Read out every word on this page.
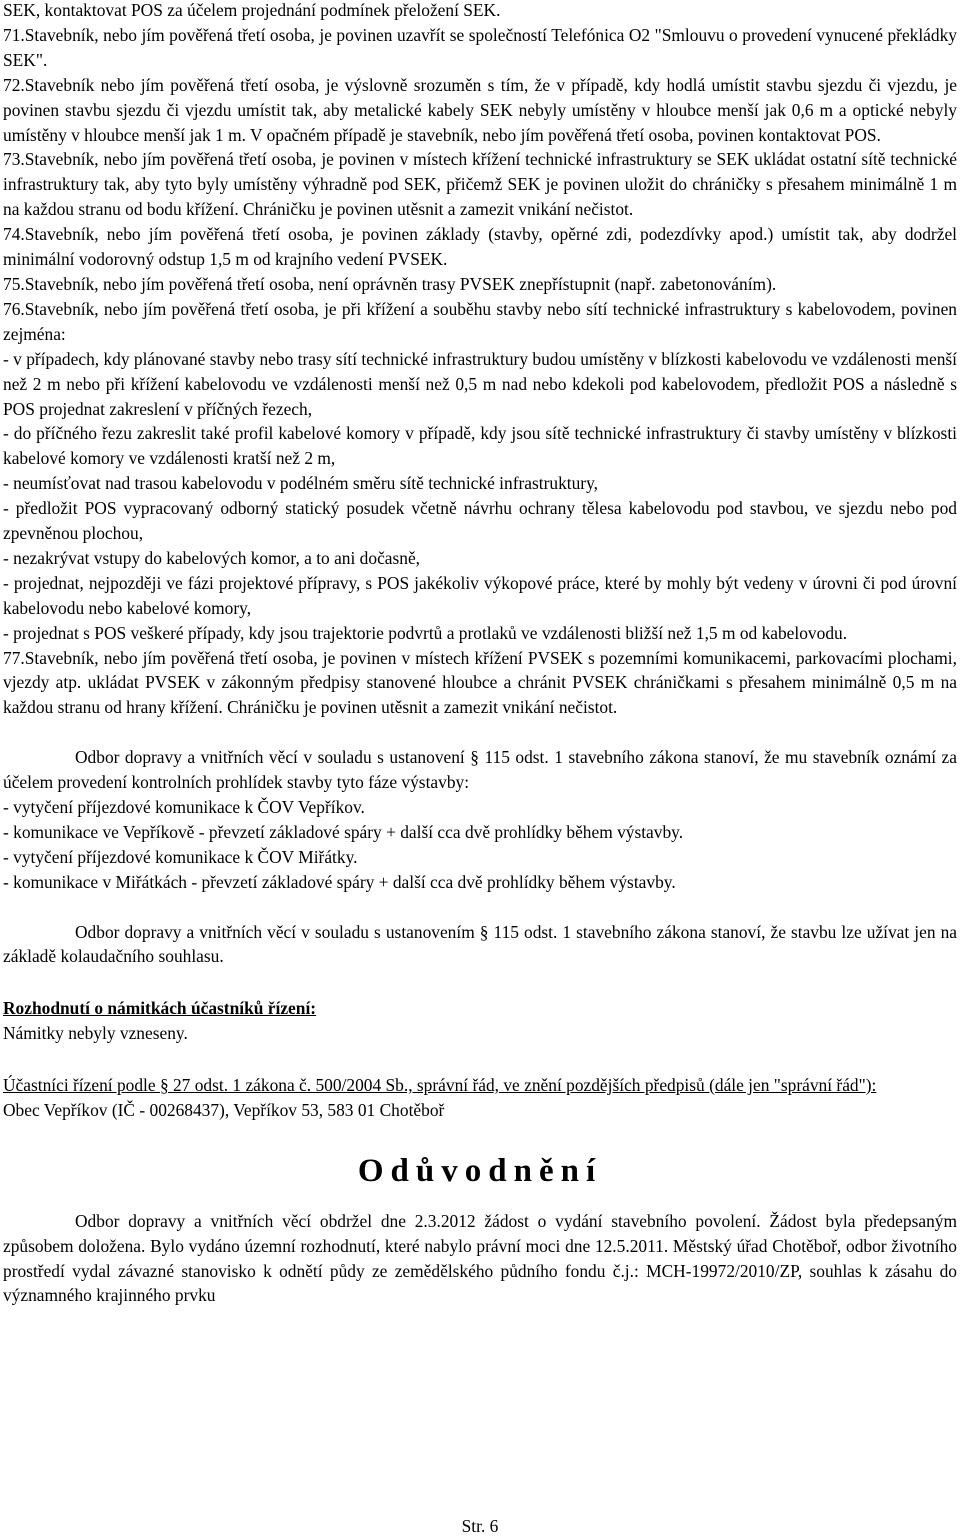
SEK, kontaktovat POS za účelem projednání podmínek přeložení SEK.

71.Stavebník, nebo jím pověřená třetí osoba, je povinen uzavřít se společností Telefónica O2 "Smlouvu o provedení vynucené překládky SEK".

72.Stavebník nebo jím pověřená třetí osoba, je výslovně srozuměn s tím, že v případě, kdy hodlá umístit stavbu sjezdu či vjezdu, je povinen stavbu sjezdu či vjezdu umístit tak, aby metalické kabely SEK nebyly umístěny v hloubce menší jak 0,6 m a optické nebyly umístěny v hloubce menší jak 1 m. V opačném případě je stavebník, nebo jím pověřená třetí osoba, povinen kontaktovat POS.

73.Stavebník, nebo jím pověřená třetí osoba, je povinen v místech křížení technické infrastruktury se SEK ukládat ostatní sítě technické infrastruktury tak, aby tyto byly umístěny výhradně pod SEK, přičemž SEK je povinen uložit do chráničky s přesahem minimálně 1 m na každou stranu od bodu křížení. Chráničku je povinen utěsnit a zamezit vnikání nečistot.

74.Stavebník, nebo jím pověřená třetí osoba, je povinen základy (stavby, opěrné zdi, podezdívky apod.) umístit tak, aby dodržel minimální vodorovný odstup 1,5 m od krajního vedení PVSEK.

75.Stavebník, nebo jím pověřená třetí osoba, není oprávněn trasy PVSEK znepřístupnit (např. zabetonováním).

76.Stavebník, nebo jím pověřená třetí osoba, je při křížení a souběhu stavby nebo sítí technické infrastruktury s kabelovodem, povinen zejména:

- v případech, kdy plánované stavby nebo trasy sítí technické infrastruktury budou umístěny v blízkosti kabelovodu ve vzdálenosti menší než 2 m nebo při křížení kabelovodu ve vzdálenosti menší než 0,5 m nad nebo kdekoli pod kabelovodem, předložit POS a následně s POS projednat zakreslení v příčných řezech,

- do příčného řezu zakreslit také profil kabelové komory v případě, kdy jsou sítě technické infrastruktury či stavby umístěny v blízkosti kabelové komory ve vzdálenosti kratší než 2 m,

- neumísťovat nad trasou kabelovodu v podélném směru sítě technické infrastruktury,

- předložit POS vypracovaný odborný statický posudek včetně návrhu ochrany tělesa kabelovodu pod stavbou, ve sjezdu nebo pod zpevněnou plochou,

- nezakrývat vstupy do kabelových komor, a to ani dočasně,

- projednat, nejpozději ve fázi projektové přípravy, s POS jakékoliv výkopové práce, které by mohly být vedeny v úrovni či pod úrovní kabelovodu nebo kabelové komory,

- projednat s POS veškeré případy, kdy jsou trajektorie podvrtů a protlaků ve vzdálenosti bližší než 1,5 m od kabelovodu.

77.Stavebník, nebo jím pověřená třetí osoba, je povinen v místech křížení PVSEK s pozemními komunikacemi, parkovacími plochami, vjezdy atp. ukládat PVSEK v zákonným předpisy stanovené hloubce a chránit PVSEK chráničkami s přesahem minimálně 0,5 m na každou stranu od hrany křížení. Chráničku je povinen utěsnit a zamezit vnikání nečistot.

Odbor dopravy a vnitřních věcí v souladu s ustanovení § 115 odst. 1 stavebního zákona stanoví, že mu stavebník oznámí za účelem provedení kontrolních prohlídek stavby tyto fáze výstavby:

- vytyčení příjezdové komunikace k ČOV Vepříkov.

- komunikace ve Vepříkově - převzetí základové spáry + další cca dvě prohlídky během výstavby.

- vytyčení příjezdové komunikace k ČOV Miřátky.

- komunikace v Miřátkách - převzetí základové spáry + další cca dvě prohlídky během výstavby.

Odbor dopravy a vnitřních věcí v souladu s ustanovením § 115 odst. 1 stavebního zákona stanoví, že stavbu lze užívat jen na základě kolaudačního souhlasu.

Rozhodnutí o námitkách účastníků řízení:

Námitky nebyly vzneseny.

Účastníci řízení podle § 27 odst. 1 zákona č. 500/2004 Sb., správní řád, ve znění pozdějších předpisů (dále jen "správní řád"):

Obec Vepříkov (IČ - 00268437), Vepříkov 53, 583 01 Chotěboř

Odůvodnění

Odbor dopravy a vnitřních věcí obdržel dne 2.3.2012 žádost o vydání stavebního povolení. Žádost byla předepsaným způsobem doložena. Bylo vydáno územní rozhodnutí, které nabylo právní moci dne 12.5.2011. Městský úřad Chotěboř, odbor životního prostředí vydal závazné stanovisko k odnětí půdy ze zemědělského půdního fondu č.j.: MCH-19972/2010/ZP, souhlas k zásahu do významného krajinného prvku

Str. 6
